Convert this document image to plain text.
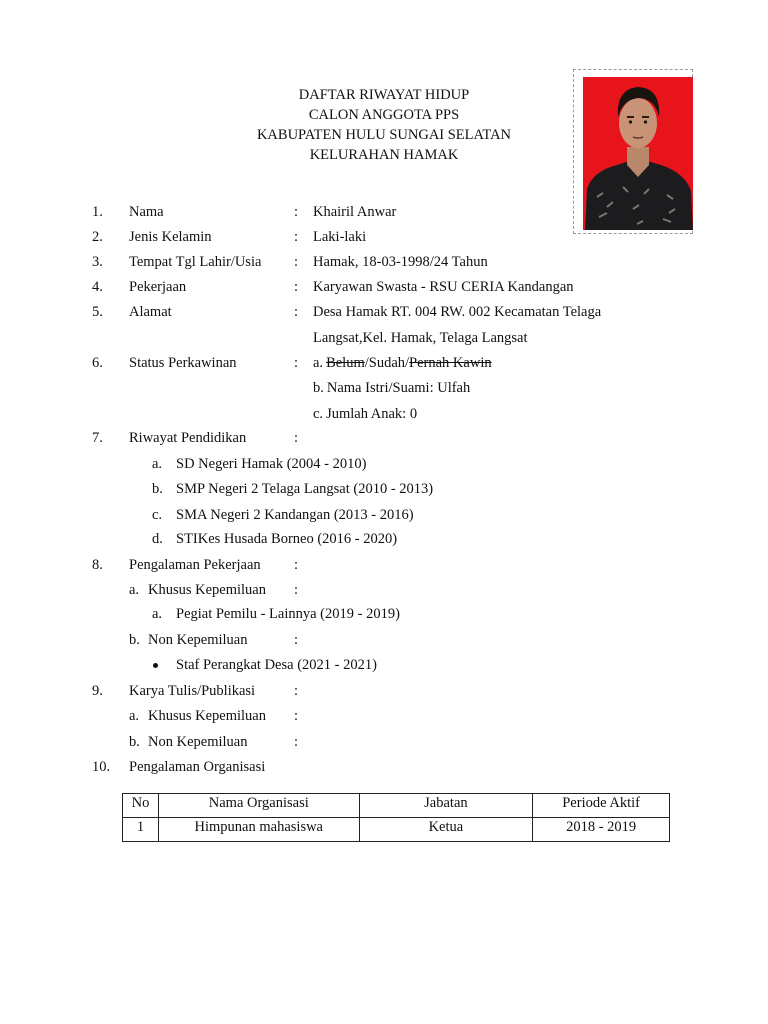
DAFTAR RIWAYAT HIDUP
CALON ANGGOTA PPS
KABUPATEN HULU SUNGAI SELATAN
KELURAHAN HAMAK
1. Nama	: Khairil Anwar
2. Jenis Kelamin	: Laki-laki
3. Tempat Tgl Lahir/Usia : Hamak, 18-03-1998/24 Tahun
4. Pekerjaan	: Karyawan Swasta - RSU CERIA Kandangan
5. Alamat	: Desa Hamak RT. 004 RW. 002 Kecamatan Telaga
Langsat,Kel. Hamak, Telaga Langsat
6. Status Perkawinan	: a. Belum/Sudah/Pernah Kawin
b. Nama Istri/Suami: Ulfah
c. Jumlah Anak: 0
7. Riwayat Pendidikan	:
a. SD Negeri Hamak (2004 - 2010)
b. SMP Negeri 2 Telaga Langsat (2010 - 2013)
c. SMA Negeri 2 Kandangan (2013 - 2016)
d. STIKes Husada Borneo (2016 - 2020)
8. Pengalaman Pekerjaan :
a. Khusus Kepemiluan :
a. Pegiat Pemilu - Lainnya (2019 - 2019)
b. Non Kepemiluan	:
Staf Perangkat Desa (2021 - 2021)
9. Karya Tulis/Publikasi	:
a. Khusus Kepemiluan :
b. Non Kepemiluan	:
10. Pengalaman Organisasi
No	Nama Organisasi	Jabatan	Periode Aktif
1	Himpunan mahasiswa	Ketua	2018 - 2019
